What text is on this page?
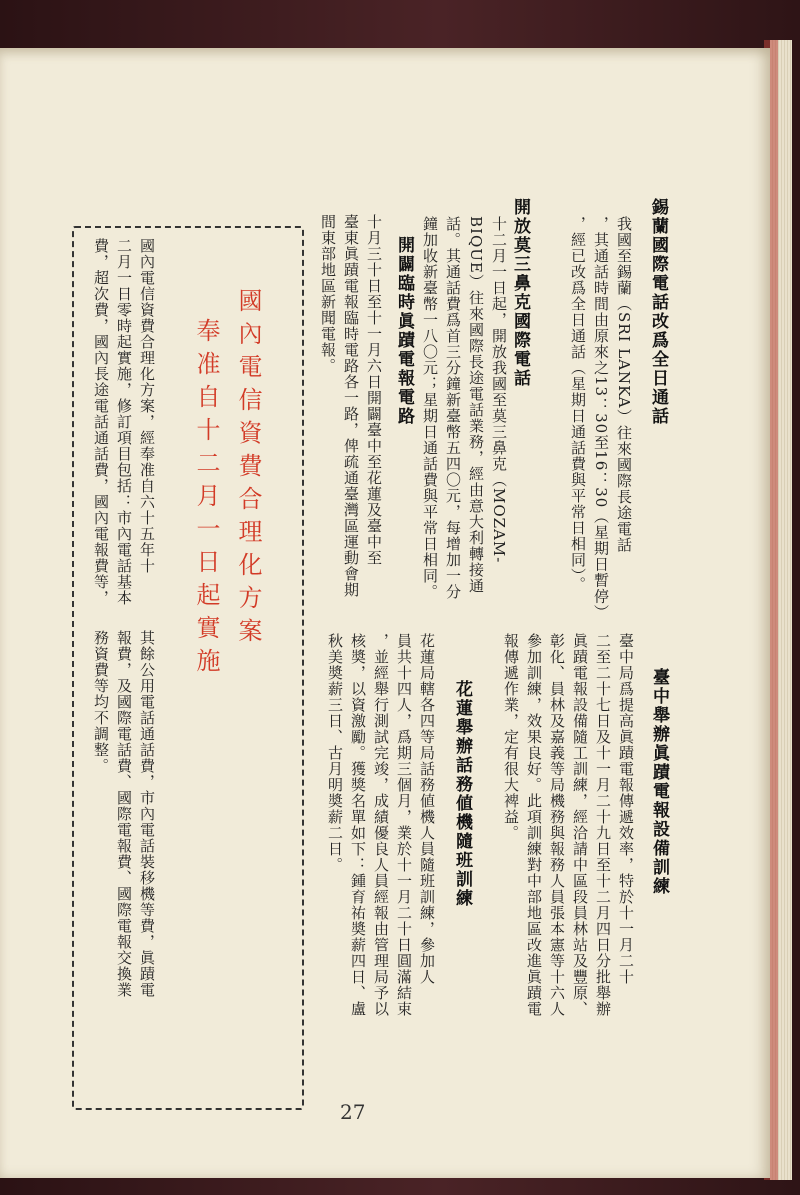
錫蘭國際電話改爲全日通話
我國至錫蘭（SRI LANKA）往來國際長途電話
，其通話時間由原來之13：30至16：30（星期日暫停）
，經已改爲全日通話（星期日通話費與平常日相同）。
開放莫三鼻克國際電話
十二月一日起，開放我國至莫三鼻克（MOZAM-
BIQUE）往來國際長途電話業務，經由意大利轉接通
話。其通話費爲首三分鐘新臺幣五四〇元，每增加一分
鐘加收新臺幣一八〇元；星期日通話費與平常日相同。
開闢臨時眞蹟電報電路
十月三十日至十一月六日開闢臺中至花蓮及臺中至
臺東眞蹟電報臨時電路各一路，俾疏通臺灣區運動會期
間東部地區新聞電報。
臺中舉辦眞蹟電報設備訓練
臺中局爲提高眞蹟電報傳遞效率，特於十一月二十
二至二十七日及十一月二十九日至十二月四日分批舉辦
眞蹟電報設備隨工訓練，經洽請中區段員林站及豐原、
彰化、員林及嘉義等局機務與報務人員張本憲等十六人
參加訓練，效果良好。此項訓練對中部地區改進眞蹟電
報傳遞作業，定有很大裨益。
花蓮舉辦話務値機隨班訓練
花蓮局轄各四等局話務値機人員隨班訓練，參加人
員共十四人，爲期三個月，業於十一月二十日圓滿結束
，並經舉行測試完竣，成績優良人員經報由管理局予以
核奬，以資激勵。獲獎名單如下：鍾育祐奬薪四日、盧
秋美奬薪三日、古月明奬薪二日。
國內電信資費合理化方案
奉准自十二月一日起實施
國內電信資費合理化方案，經奉准自六十五年十
二月一日零時起實施，修訂項目包括：市內電話基本
費，超次費，國內長途電話通話費，國內電報費等，
其餘公用電話通話費，市內電話裝移機等費，眞蹟電
報費，及國際電話費、國際電報費、國際電報交換業
務資費等均不調整。
27
